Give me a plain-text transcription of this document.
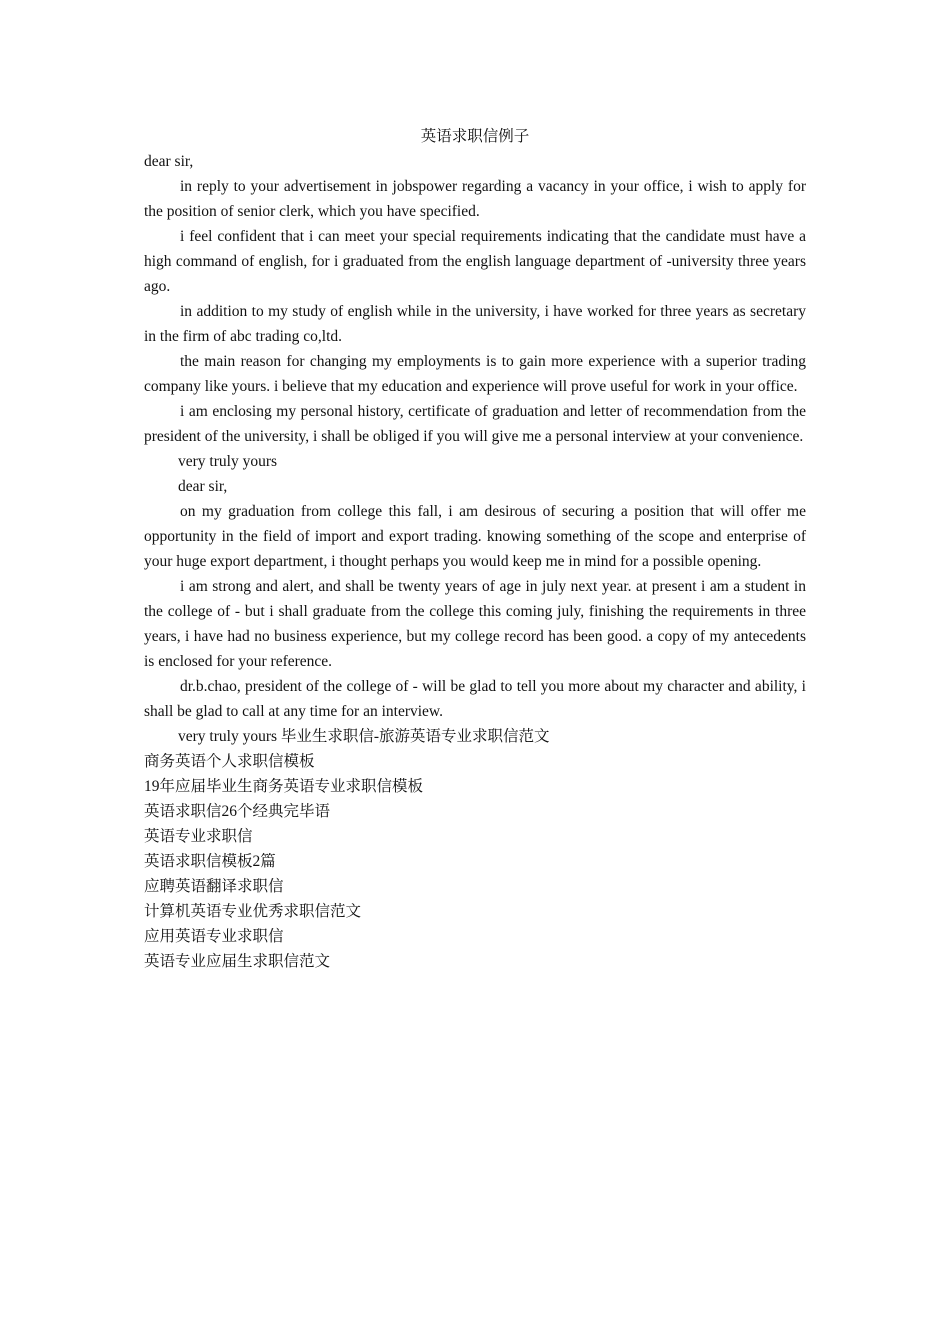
英语求职信例子

dear sir,

in reply to your advertisement in jobspower regarding a vacancy in your office, i wish to apply for the position of senior clerk, which you have specified.

i feel confident that i can meet your special requirements indicating that the candidate must have a high command of english, for i graduated from the english language department of -university three years ago.

in addition to my study of english while in the university, i have worked for three years as secretary in the firm of abc trading co,ltd.

the main reason for changing my employments is to gain more experience with a superior trading company like yours. i believe that my education and experience will prove useful for work in your office.

i am enclosing my personal history, certificate of graduation and letter of recommendation from the president of the university, i shall be obliged if you will give me a personal interview at your convenience.

very truly yours

dear sir,

on my graduation from college this fall, i am desirous of securing a position that will offer me opportunity in the field of import and export trading. knowing something of the scope and enterprise of your huge export department, i thought perhaps you would keep me in mind for a possible opening.

i am strong and alert, and shall be twenty years of age in july next year. at present i am a student in the college of - but i shall graduate from the college this coming july, finishing the requirements in three years, i have had no business experience, but my college record has been good. a copy of my antecedents is enclosed for your reference.

dr.b.chao, president of the college of - will be glad to tell you more about my character and ability, i shall be glad to call at any time for an interview.

very truly yours 毕业生求职信-旅游英语专业求职信范文

商务英语个人求职信模板
19年应届毕业生商务英语专业求职信模板
英语求职信26个经典完毕语
英语专业求职信
英语求职信模板2篇
应聘英语翻译求职信
计算机英语专业优秀求职信范文
应用英语专业求职信
英语专业应届生求职信范文
